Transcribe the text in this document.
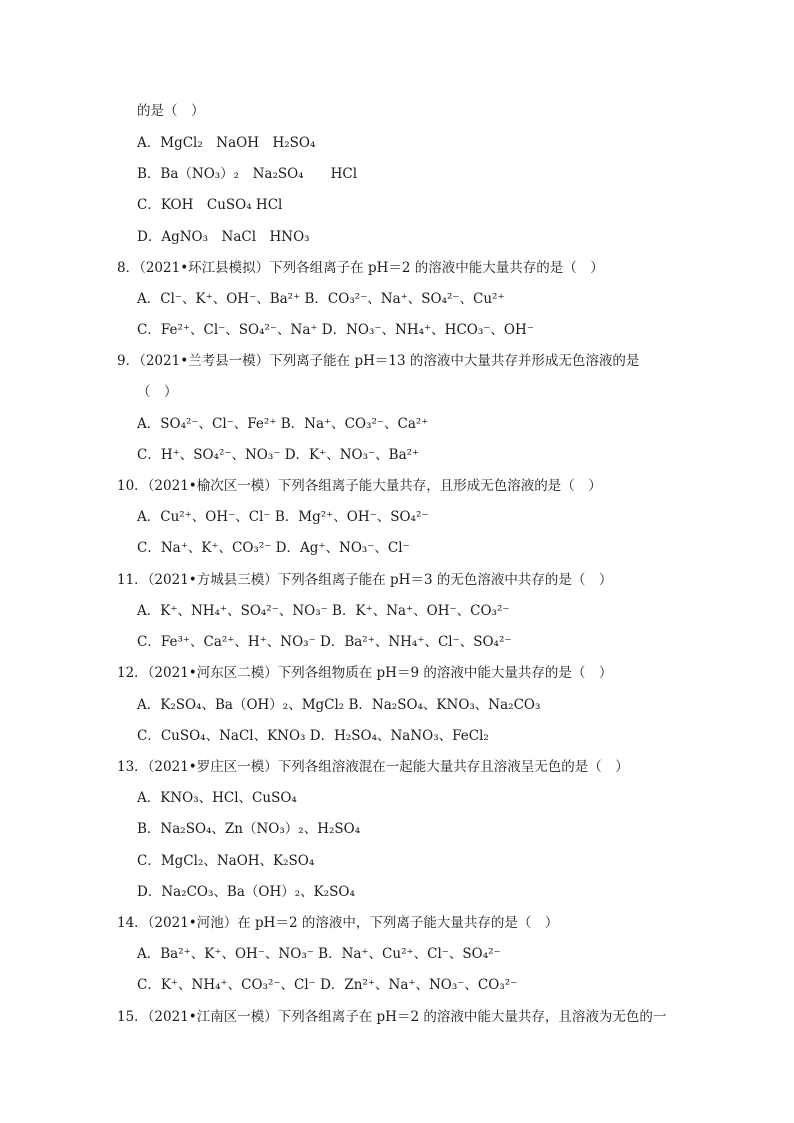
的是（　）
A．MgCl₂　NaOH　H₂SO₄
B．Ba（NO₃）₂　Na₂SO₄　　HCl
C．KOH　CuSO₄ HCl
D．AgNO₃　NaCl　HNO₃
8．（2021•环江县模拟）下列各组离子在 pH＝2 的溶液中能大量共存的是（　）
A．Cl⁻、K⁺、OH⁻、Ba²⁺ B．CO₃²⁻、Na⁺、SO₄²⁻、Cu²⁺
C．Fe²⁺、Cl⁻、SO₄²⁻、Na⁺ D．NO₃⁻、NH₄⁺、HCO₃⁻、OH⁻
9．（2021•兰考县一模）下列离子能在 pH＝13 的溶液中大量共存并形成无色溶液的是
（　）
A．SO₄²⁻、Cl⁻、Fe²⁺ B．Na⁺、CO₃²⁻、Ca²⁺
C．H⁺、SO₄²⁻、NO₃⁻ D．K⁺、NO₃⁻、Ba²⁺
10．（2021•榆次区一模）下列各组离子能大量共存，且形成无色溶液的是（　）
A．Cu²⁺、OH⁻、Cl⁻ B．Mg²⁺、OH⁻、SO₄²⁻
C．Na⁺、K⁺、CO₃²⁻ D．Ag⁺、NO₃⁻、Cl⁻
11．（2021•方城县三模）下列各组离子能在 pH＝3 的无色溶液中共存的是（　）
A．K⁺、NH₄⁺、SO₄²⁻、NO₃⁻ B．K⁺、Na⁺、OH⁻、CO₃²⁻
C．Fe³⁺、Ca²⁺、H⁺、NO₃⁻ D．Ba²⁺、NH₄⁺、Cl⁻、SO₄²⁻
12．（2021•河东区二模）下列各组物质在 pH＝9 的溶液中能大量共存的是（　）
A．K₂SO₄、Ba（OH）₂、MgCl₂ B．Na₂SO₄、KNO₃、Na₂CO₃
C．CuSO₄、NaCl、KNO₃ D．H₂SO₄、NaNO₃、FeCl₂
13．（2021•罗庄区一模）下列各组溶液混在一起能大量共存且溶液呈无色的是（　）
A．KNO₃、HCl、CuSO₄
B．Na₂SO₄、Zn（NO₃）₂、H₂SO₄
C．MgCl₂、NaOH、K₂SO₄
D．Na₂CO₃、Ba（OH）₂、K₂SO₄
14．（2021•河池）在 pH＝2 的溶液中，下列离子能大量共存的是（　）
A．Ba²⁺、K⁺、OH⁻、NO₃⁻ B．Na⁺、Cu²⁺、Cl⁻、SO₄²⁻
C．K⁺、NH₄⁺、CO₃²⁻、Cl⁻ D．Zn²⁺、Na⁺、NO₃⁻、CO₃²⁻
15．（2021•江南区一模）下列各组离子在 pH＝2 的溶液中能大量共存，且溶液为无色的一
